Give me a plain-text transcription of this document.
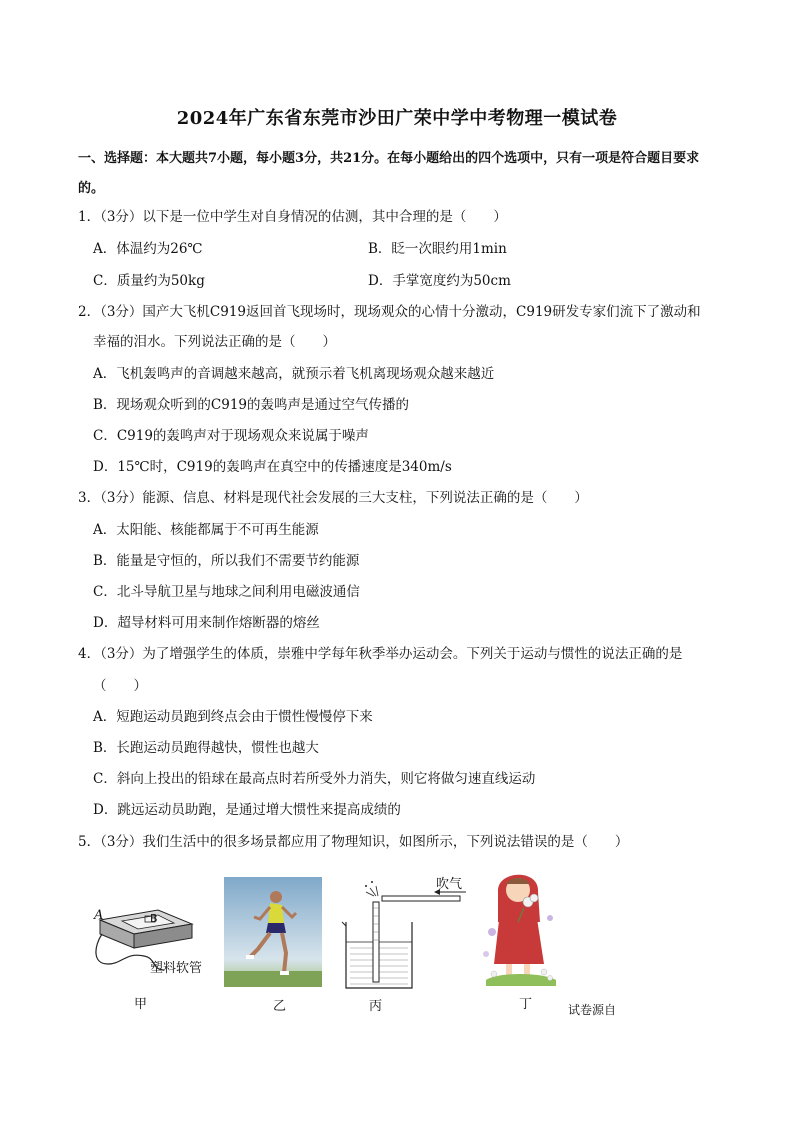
2024年广东省东莞市沙田广荣中学中考物理一模试卷
一、选择题：本大题共7小题，每小题3分，共21分。在每小题给出的四个选项中，只有一项是符合题目要求的。
1．（3分）以下是一位中学生对自身情况的估测，其中合理的是（　　）
A．体温约为26℃	B．眨一次眼约用1min
C．质量约为50kg	D．手掌宽度约为50cm
2．（3分）国产大飞机C919返回首飞现场时，现场观众的心情十分激动，C919研发专家们流下了激动和
幸福的泪水。下列说法正确的是（　　）
A．飞机轰鸣声的音调越来越高，就预示着飞机离现场观众越来越近
B．现场观众听到的C919的轰鸣声是通过空气传播的
C．C919的轰鸣声对于现场观众来说属于噪声
D．15℃时，C919的轰鸣声在真空中的传播速度是340m/s
3．（3分）能源、信息、材料是现代社会发展的三大支柱，下列说法正确的是（　　）
A．太阳能、核能都属于不可再生能源
B．能量是守恒的，所以我们不需要节约能源
C．北斗导航卫星与地球之间利用电磁波通信
D．超导材料可用来制作熔断器的熔丝
4．（3分）为了增强学生的体质，崇雅中学每年秋季举办运动会。下列关于运动与惯性的说法正确的是
（　　）
A．短跑运动员跑到终点会由于惯性慢慢停下来
B．长跑运动员跑得越快，惯性也越大
C．斜向上投出的铅球在最高点时若所受外力消失，则它将做匀速直线运动
D．跳远运动员助跑，是通过增大惯性来提高成绩的
5．（3分）我们生活中的很多场景都应用了物理知识，如图所示，下列说法错误的是（　　）
A	B
塑料软管
甲	乙
吹气
丙	丁	试卷源自
